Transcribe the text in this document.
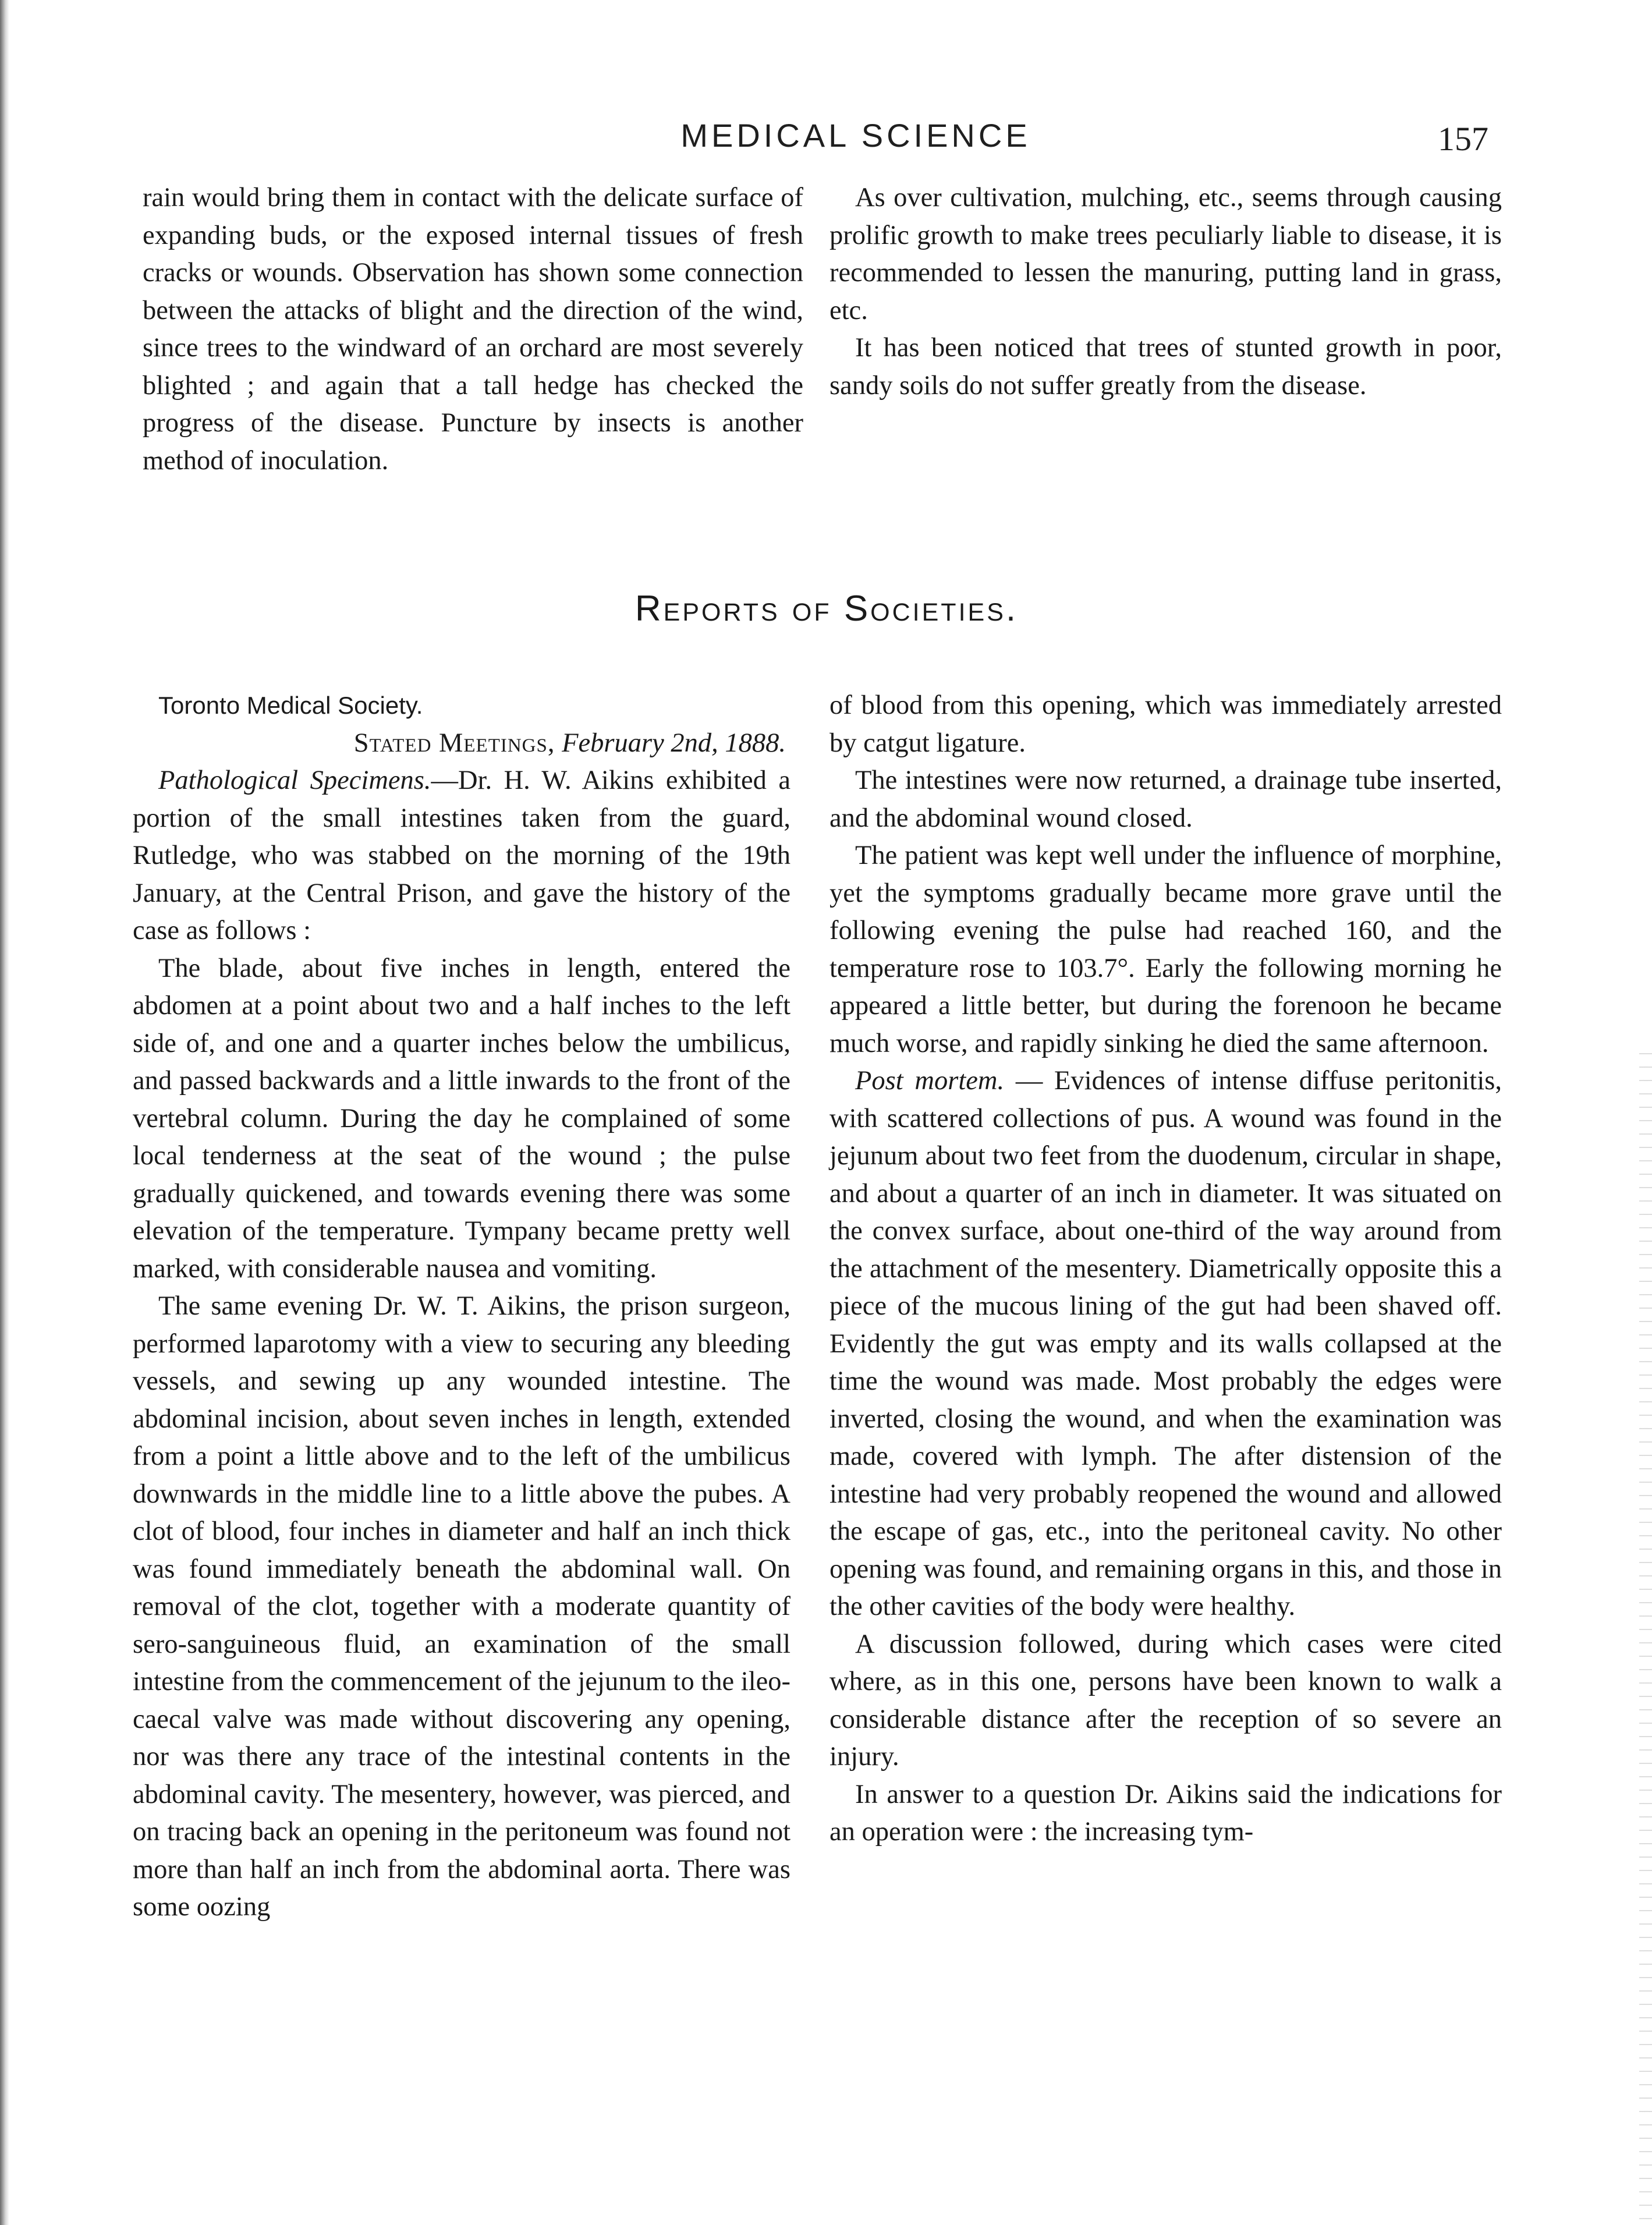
MEDICAL SCIENCE	157

rain would bring them in contact with the delicate surface of expanding buds, or the exposed internal tissues of fresh cracks or wounds. Observation has shown some connection between the attacks of blight and the direction of the wind, since trees to the windward of an orchard are most severely blighted ; and again that a tall hedge has checked the progress of the disease. Puncture by insects is another method of inoculation.

As over cultivation, mulching, etc., seems through causing prolific growth to make trees peculiarly liable to disease, it is recommended to lessen the manuring, putting land in grass, etc.

It has been noticed that trees of stunted growth in poor, sandy soils do not suffer greatly from the disease.

Reports of Societies.

Toronto Medical Society.

Stated Meetings, February 2nd, 1888.

Pathological Specimens.—Dr. H. W. Aikins exhibited a portion of the small intestines taken from the guard, Rutledge, who was stabbed on the morning of the 19th January, at the Central Prison, and gave the history of the case as follows :

The blade, about five inches in length, entered the abdomen at a point about two and a half inches to the left side of, and one and a quarter inches below the umbilicus, and passed backwards and a little inwards to the front of the vertebral column. During the day he complained of some local tenderness at the seat of the wound ; the pulse gradually quickened, and towards evening there was some elevation of the temperature. Tympany became pretty well marked, with considerable nausea and vomiting.

The same evening Dr. W. T. Aikins, the prison surgeon, performed laparotomy with a view to securing any bleeding vessels, and sewing up any wounded intestine. The abdominal incision, about seven inches in length, extended from a point a little above and to the left of the umbilicus downwards in the middle line to a little above the pubes. A clot of blood, four inches in diameter and half an inch thick was found immediately beneath the abdominal wall. On removal of the clot, together with a moderate quantity of sero-sanguineous fluid, an examination of the small intestine from the commencement of the jejunum to the ileo-caecal valve was made without discovering any opening, nor was there any trace of the intestinal contents in the abdominal cavity. The mesentery, however, was pierced, and on tracing back an opening in the peritoneum was found not more than half an inch from the abdominal aorta. There was some oozing

of blood from this opening, which was immediately arrested by catgut ligature.

The intestines were now returned, a drainage tube inserted, and the abdominal wound closed.

The patient was kept well under the influence of morphine, yet the symptoms gradually became more grave until the following evening the pulse had reached 160, and the temperature rose to 103.7°. Early the following morning he appeared a little better, but during the forenoon he became much worse, and rapidly sinking he died the same afternoon.

Post mortem. — Evidences of intense diffuse peritonitis, with scattered collections of pus. A wound was found in the jejunum about two feet from the duodenum, circular in shape, and about a quarter of an inch in diameter. It was situated on the convex surface, about one-third of the way around from the attachment of the mesentery. Diametrically opposite this a piece of the mucous lining of the gut had been shaved off. Evidently the gut was empty and its walls collapsed at the time the wound was made. Most probably the edges were inverted, closing the wound, and when the examination was made, covered with lymph. The after distension of the intestine had very probably reopened the wound and allowed the escape of gas, etc., into the peritoneal cavity. No other opening was found, and remaining organs in this, and those in the other cavities of the body were healthy.

A discussion followed, during which cases were cited where, as in this one, persons have been known to walk a considerable distance after the reception of so severe an injury.

In answer to a question Dr. Aikins said the indications for an operation were : the increasing tym-
